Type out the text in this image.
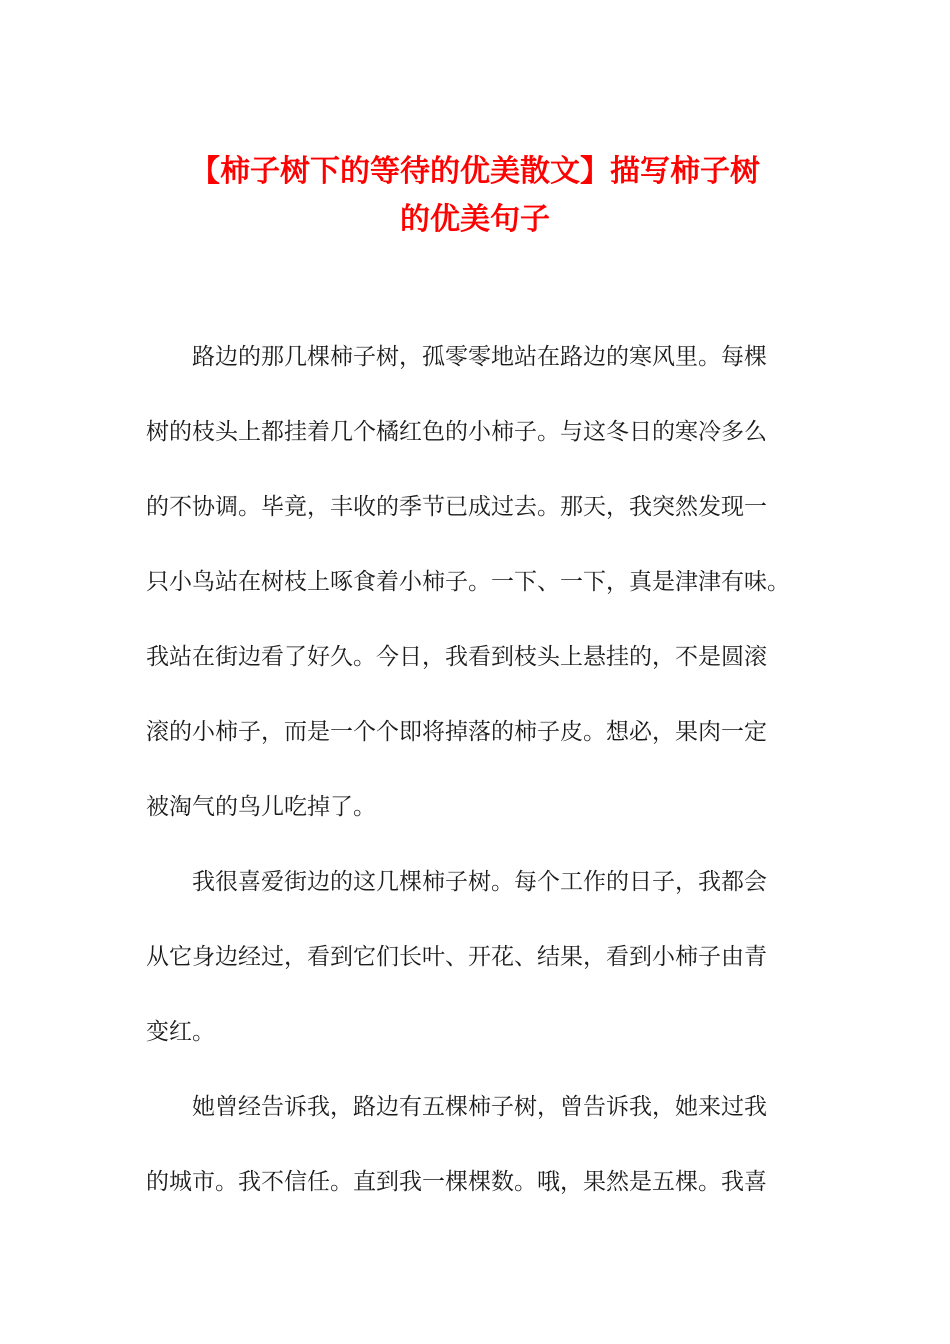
【柿子树下的等待的优美散文】描写柿子树
的优美句子

路边的那几棵柿子树，孤零零地站在路边的寒风里。每棵
树的枝头上都挂着几个橘红色的小柿子。与这冬日的寒冷多么
的不协调。毕竟，丰收的季节已成过去。那天，我突然发现一
只小鸟站在树枝上啄食着小柿子。一下、一下，真是津津有味。
我站在街边看了好久。今日，我看到枝头上悬挂的，不是圆滚
滚的小柿子，而是一个个即将掉落的柿子皮。想必，果肉一定
被淘气的鸟儿吃掉了。

我很喜爱街边的这几棵柿子树。每个工作的日子，我都会
从它身边经过，看到它们长叶、开花、结果，看到小柿子由青
变红。

她曾经告诉我，路边有五棵柿子树，曾告诉我，她来过我
的城市。我不信任。直到我一棵棵数。哦，果然是五棵。我喜
